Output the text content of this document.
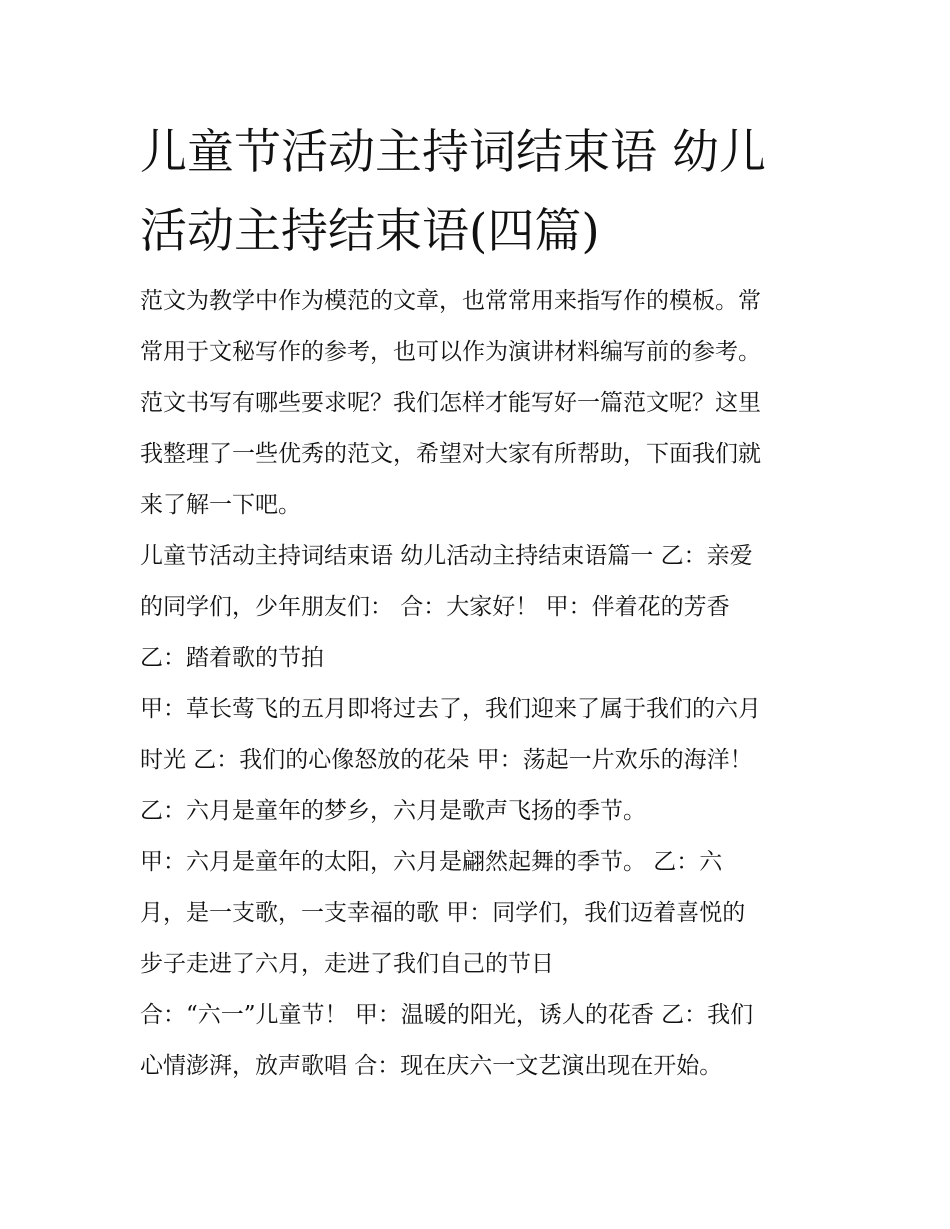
儿童节活动主持词结束语 幼儿
活动主持结束语(四篇)
范文为教学中作为模范的文章，也常常用来指写作的模板。常
常用于文秘写作的参考，也可以作为演讲材料编写前的参考。
范文书写有哪些要求呢？我们怎样才能写好一篇范文呢？这里
我整理了一些优秀的范文，希望对大家有所帮助，下面我们就
来了解一下吧。
儿童节活动主持词结束语 幼儿活动主持结束语篇一 乙：亲爱
的同学们，少年朋友们： 合：大家好！ 甲：伴着花的芳香
乙：踏着歌的节拍
甲：草长莺飞的五月即将过去了，我们迎来了属于我们的六月
时光 乙：我们的心像怒放的花朵 甲：荡起一片欢乐的海洋！
乙：六月是童年的梦乡，六月是歌声飞扬的季节。
甲：六月是童年的太阳，六月是翩然起舞的季节。 乙：六
月，是一支歌，一支幸福的歌 甲：同学们，我们迈着喜悦的
步子走进了六月，走进了我们自己的节日
合：“六一”儿童节！ 甲：温暖的阳光，诱人的花香 乙：我们
心情澎湃，放声歌唱 合：现在庆六一文艺演出现在开始。
